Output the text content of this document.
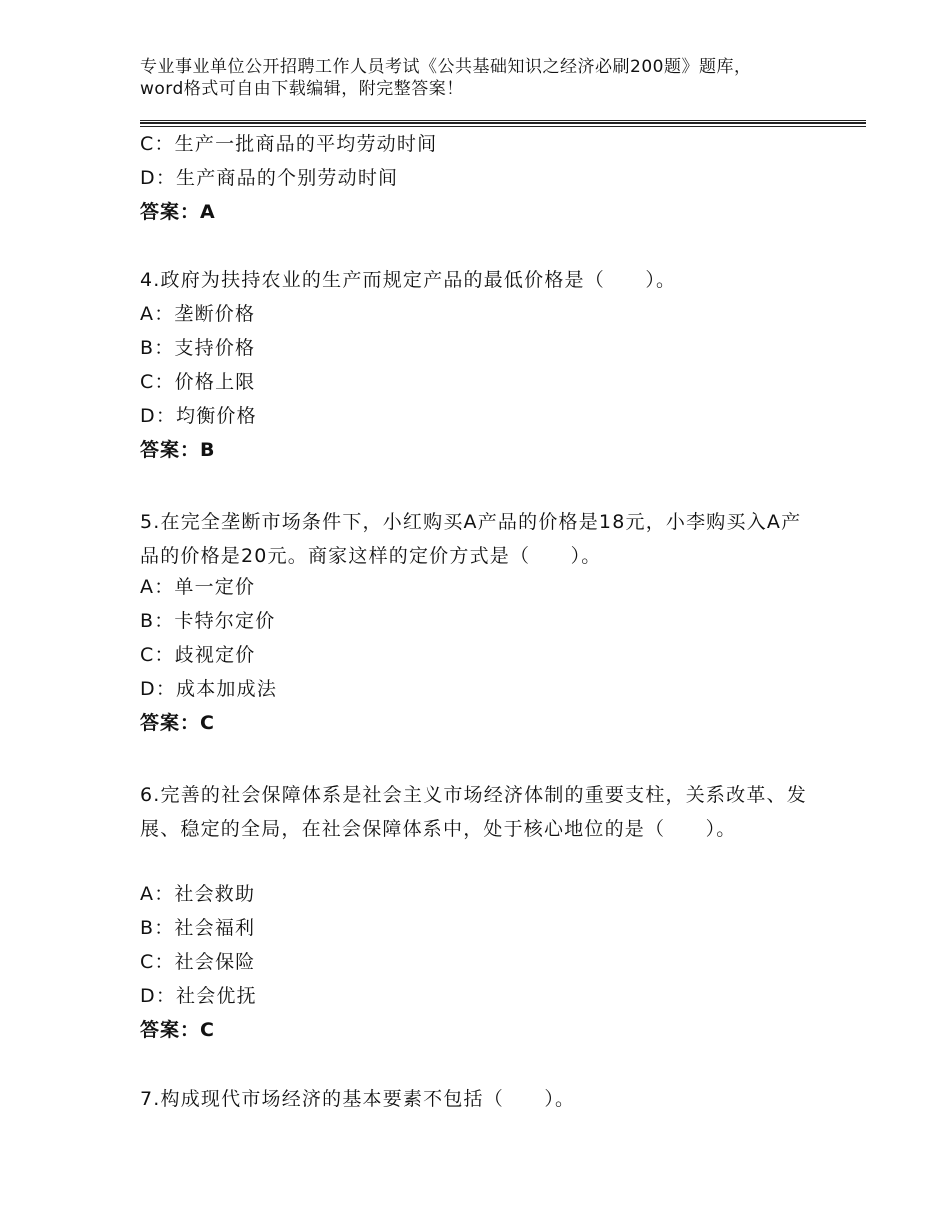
专业事业单位公开招聘工作人员考试《公共基础知识之经济必刷200题》题库，word格式可自由下载编辑，附完整答案！
C：生产一批商品的平均劳动时间
D：生产商品的个别劳动时间
答案：A
4.政府为扶持农业的生产而规定产品的最低价格是（　　）。
A：垄断价格
B：支持价格
C：价格上限
D：均衡价格
答案：B
5.在完全垄断市场条件下，小红购买A产品的价格是18元，小李购买入A产品的价格是20元。商家这样的定价方式是（　　）。
A：单一定价
B：卡特尔定价
C：歧视定价
D：成本加成法
答案：C
6.完善的社会保障体系是社会主义市场经济体制的重要支柱，关系改革、发展、稳定的全局，在社会保障体系中，处于核心地位的是（　　）。
A：社会救助
B：社会福利
C：社会保险
D：社会优抚
答案：C
7.构成现代市场经济的基本要素不包括（　　）。
